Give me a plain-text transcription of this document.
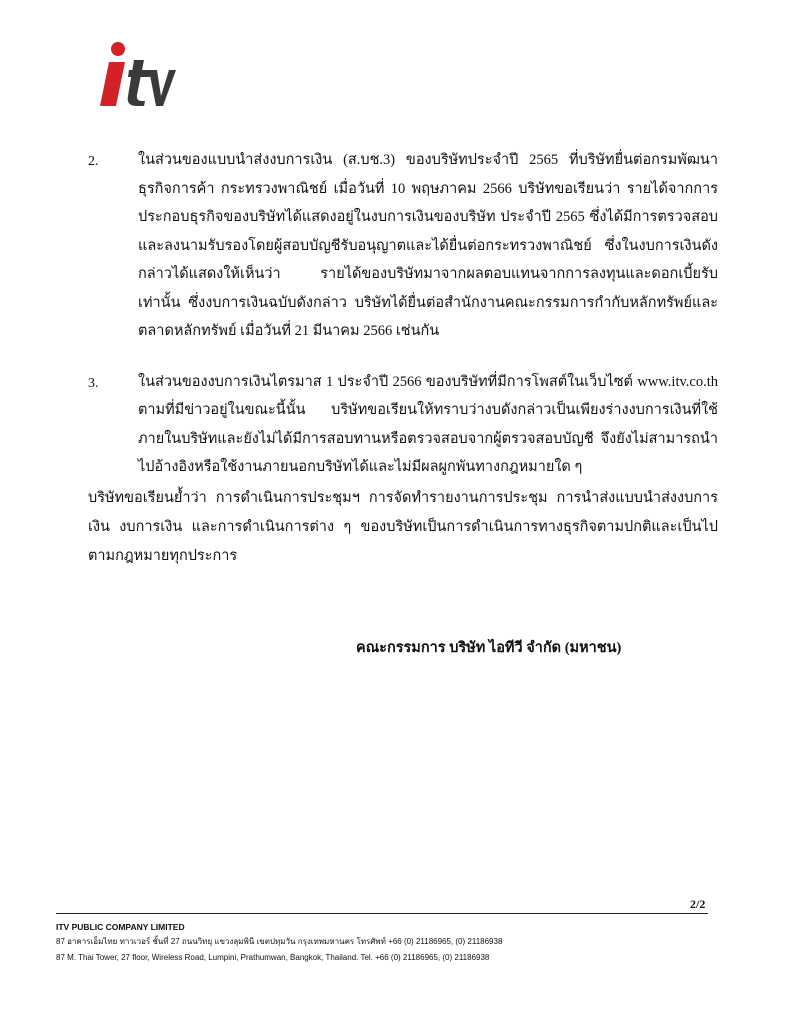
2.	ในส่วนของแบบนำส่งงบการเงิน (ส.บช.3) ของบริษัทประจำปี 2565 ที่บริษัทยื่นต่อกรมพัฒนาธุรกิจการค้า กระทรวงพาณิชย์ เมื่อวันที่ 10 พฤษภาคม 2566 บริษัทขอเรียนว่า รายได้จากการประกอบธุรกิจของบริษัทได้แสดงอยู่ในงบการเงินของบริษัท ประจำปี 2565 ซึ่งได้มีการตรวจสอบและลงนามรับรองโดยผู้สอบบัญชีรับอนุญาตและได้ยื่นต่อกระทรวงพาณิชย์ ซึ่งในงบการเงินดังกล่าวได้แสดงให้เห็นว่า รายได้ของบริษัทมาจากผลตอบแทนจากการลงทุนและดอกเบี้ยรับเท่านั้น ซึ่งงบการเงินฉบับดังกล่าว บริษัทได้ยื่นต่อสำนักงานคณะกรรมการกำกับหลักทรัพย์และตลาดหลักทรัพย์ เมื่อวันที่ 21 มีนาคม 2566 เช่นกัน
3.	ในส่วนของงบการเงินไตรมาส 1 ประจำปี 2566 ของบริษัทที่มีการโพสต์ในเว็บไซต์ www.itv.co.th ตามที่มีข่าวอยู่ในขณะนี้นั้น บริษัทขอเรียนให้ทราบว่างบดังกล่าวเป็นเพียงร่างงบการเงินที่ใช้ภายในบริษัทและยังไม่ได้มีการสอบทานหรือตรวจสอบจากผู้ตรวจสอบบัญชี จึงยังไม่สามารถนำไปอ้างอิงหรือใช้งานภายนอกบริษัทได้และไม่มีผลผูกพันทางกฎหมายใด ๆ
บริษัทขอเรียนย้ำว่า การดำเนินการประชุมฯ การจัดทำรายงานการประชุม การนำส่งแบบนำส่งงบการเงิน งบการเงิน และการดำเนินการต่าง ๆ ของบริษัทเป็นการดำเนินการทางธุรกิจตามปกติและเป็นไปตามกฎหมายทุกประการ
คณะกรรมการ บริษัท ไอทีวี จำกัด (มหาชน)
2/2
ITV PUBLIC COMPANY LIMITED
87 อาคารเอ็มไทย ทาวเวอร์ ชั้นที่ 27 ถนนวิทยุ แขวงลุมพินี เขตปทุมวัน กรุงเทพมหานคร โทรศัพท์ +66 (0) 21186965, (0) 21186938
87 M. Thai Tower, 27 floor, Wireless Road, Lumpini, Prathumwan, Bangkok, Thailand. Tel. +66 (0) 21186965, (0) 21186938
